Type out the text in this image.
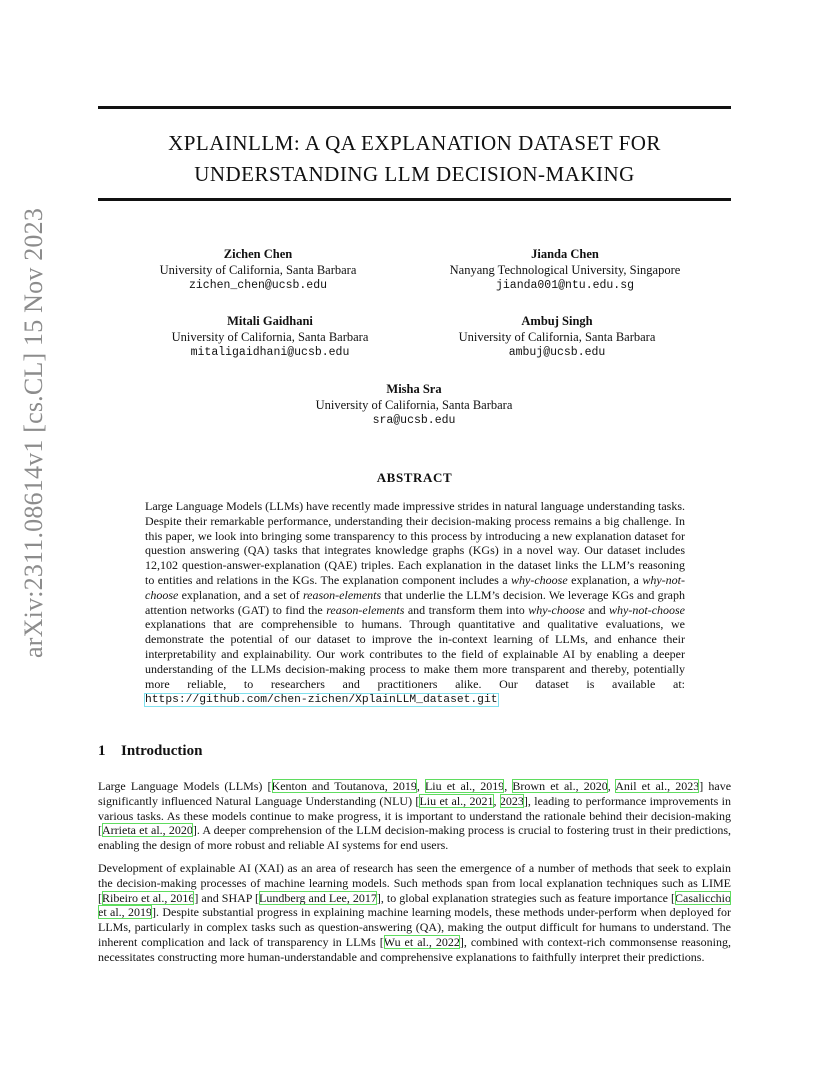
arXiv:2311.08614v1 [cs.CL] 15 Nov 2023
XPLAINLLM: A QA EXPLANATION DATASET FOR
UNDERSTANDING LLM DECISION-MAKING
Zichen Chen
University of California, Santa Barbara
zichen_chen@ucsb.edu
Jianda Chen
Nanyang Technological University, Singapore
jianda001@ntu.edu.sg
Mitali Gaidhani
University of California, Santa Barbara
mitaligaidhani@ucsb.edu
Ambuj Singh
University of California, Santa Barbara
ambuj@ucsb.edu
Misha Sra
University of California, Santa Barbara
sra@ucsb.edu
ABSTRACT
Large Language Models (LLMs) have recently made impressive strides in natural language understanding tasks. Despite their remarkable performance, understanding their decision-making process remains a big challenge. In this paper, we look into bringing some transparency to this process by introducing a new explanation dataset for question answering (QA) tasks that integrates knowledge graphs (KGs) in a novel way. Our dataset includes 12,102 question-answer-explanation (QAE) triples. Each explanation in the dataset links the LLM’s reasoning to entities and relations in the KGs. The explanation component includes a why-choose explanation, a why-not-choose explanation, and a set of reason-elements that underlie the LLM’s decision. We leverage KGs and graph attention networks (GAT) to find the reason-elements and transform them into why-choose and why-not-choose explanations that are comprehensible to humans. Through quantitative and qualitative evaluations, we demonstrate the potential of our dataset to improve the in-context learning of LLMs, and enhance their interpretability and explainability. Our work contributes to the field of explainable AI by enabling a deeper understanding of the LLMs decision-making process to make them more transparent and thereby, potentially more reliable, to researchers and practitioners alike. Our dataset is available at: https://github.com/chen-zichen/XplainLLM_dataset.git
1 Introduction
Large Language Models (LLMs) [Kenton and Toutanova, 2019, Liu et al., 2019, Brown et al., 2020, Anil et al., 2023] have significantly influenced Natural Language Understanding (NLU) [Liu et al., 2021, 2023], leading to performance improvements in various tasks. As these models continue to make progress, it is important to understand the rationale behind their decision-making [Arrieta et al., 2020]. A deeper comprehension of the LLM decision-making process is crucial to fostering trust in their predictions, enabling the design of more robust and reliable AI systems for end users.
Development of explainable AI (XAI) as an area of research has seen the emergence of a number of methods that seek to explain the decision-making processes of machine learning models. Such methods span from local explanation techniques such as LIME [Ribeiro et al., 2016] and SHAP [Lundberg and Lee, 2017], to global explanation strategies such as feature importance [Casalicchio et al., 2019]. Despite substantial progress in explaining machine learning models, these methods under-perform when deployed for LLMs, particularly in complex tasks such as question-answering (QA), making the output difficult for humans to understand. The inherent complication and lack of transparency in LLMs [Wu et al., 2022], combined with context-rich commonsense reasoning, necessitates constructing more human-understandable and comprehensive explanations to faithfully interpret their predictions.
